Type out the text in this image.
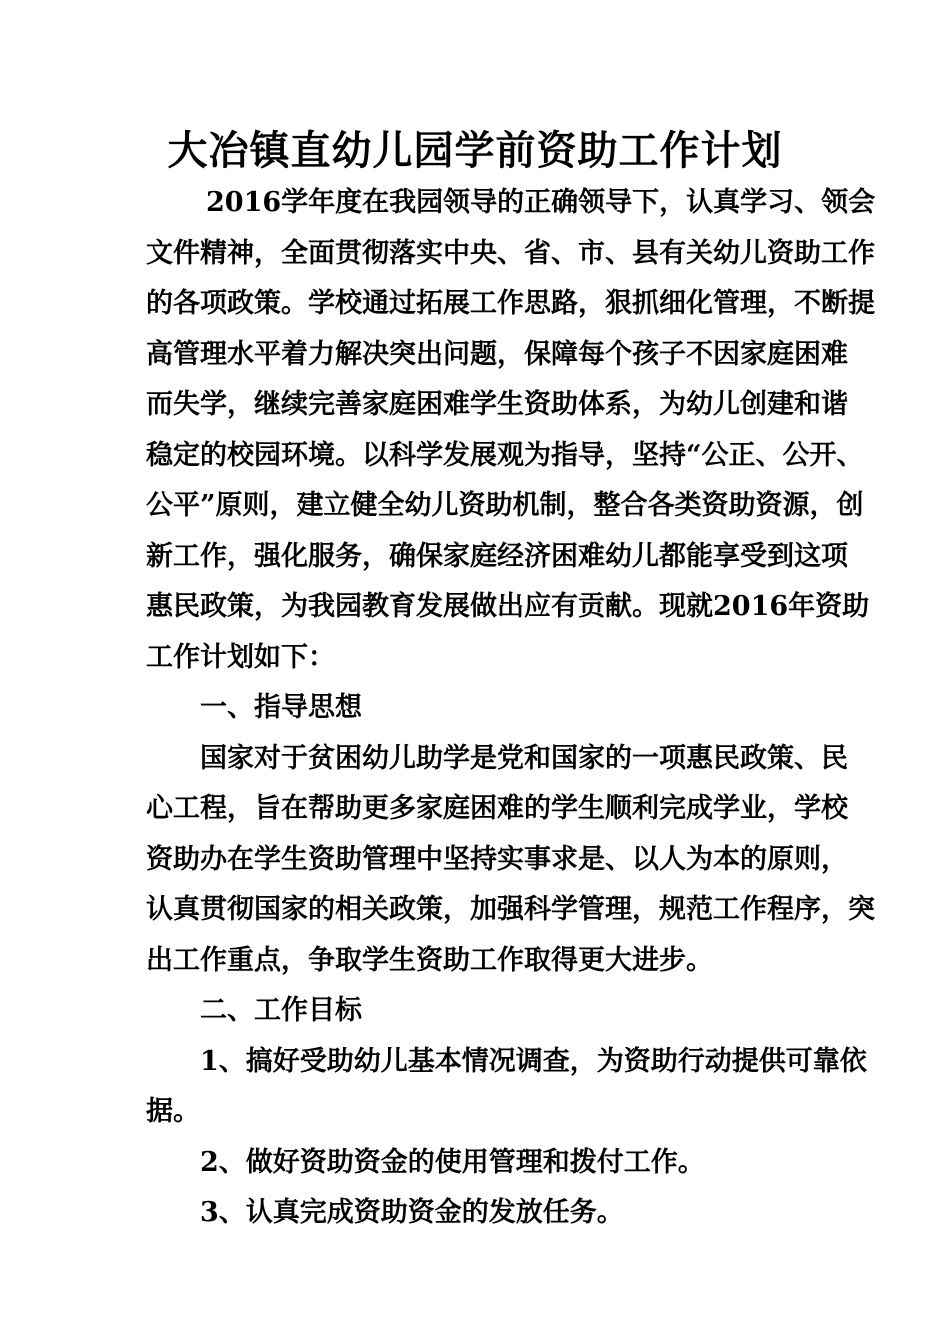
大冶镇直幼儿园学前资助工作计划
2016学年度在我园领导的正确领导下，认真学习、领会
文件精神，全面贯彻落实中央、省、市、县有关幼儿资助工作
的各项政策。学校通过拓展工作思路，狠抓细化管理，不断提
高管理水平着力解决突出问题，保障每个孩子不因家庭困难
而失学，继续完善家庭困难学生资助体系，为幼儿创建和谐
稳定的校园环境。以科学发展观为指导，坚持“公正、公开、
公平”原则，建立健全幼儿资助机制，整合各类资助资源，创
新工作，强化服务，确保家庭经济困难幼儿都能享受到这项
惠民政策，为我园教育发展做出应有贡献。现就2016年资助
工作计划如下：
一、指导思想
国家对于贫困幼儿助学是党和国家的一项惠民政策、民
心工程，旨在帮助更多家庭困难的学生顺利完成学业，学校
资助办在学生资助管理中坚持实事求是、以人为本的原则，
认真贯彻国家的相关政策，加强科学管理，规范工作程序，突
出工作重点，争取学生资助工作取得更大进步。
二、工作目标
1、搞好受助幼儿基本情况调查，为资助行动提供可靠依
据。
2、做好资助资金的使用管理和拨付工作。
3、认真完成资助资金的发放任务。
